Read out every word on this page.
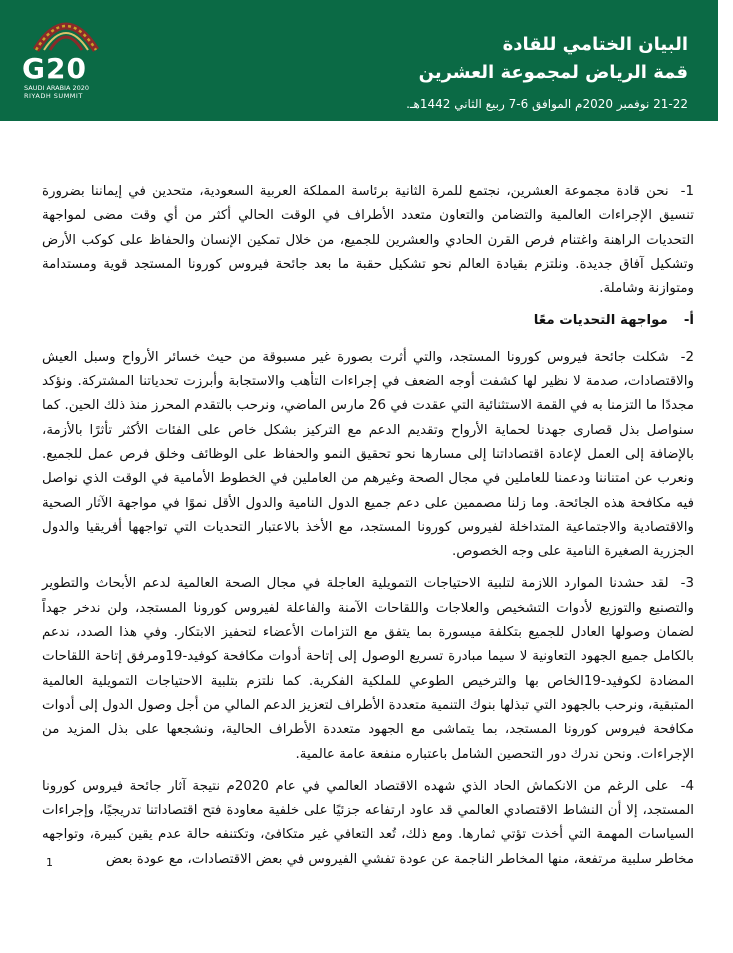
G20
SAUDI ARABIA 2020
RIYADH SUMMIT
البيان الختامي للقادة
قمة الرياض لمجموعة العشرين
21-22 نوفمبر 2020م الموافق 6-7 ربيع الثاني 1442هـ.

1-نحن قادة مجموعة العشرين، نجتمع للمرة الثانية برئاسة المملكة العربية السعودية، متحدين في إيماننا بضرورة تنسيق الإجراءات العالمية والتضامن والتعاون متعدد الأطراف في الوقت الحالي أكثر من أي وقت مضى لمواجهة التحديات الراهنة واغتنام فرص القرن الحادي والعشرين للجميع، من خلال تمكين الإنسان والحفاظ على كوكب الأرض وتشكيل آفاق جديدة. ونلتزم بقيادة العالم نحو تشكيل حقبة ما بعد جائحة فيروس كورونا المستجد قوية ومستدامة ومتوازنة وشاملة.

أ-مواجهة التحديات معًا

2-شكلت جائحة فيروس كورونا المستجد، والتي أثرت بصورة غير مسبوقة من حيث خسائر الأرواح وسبل العيش والاقتصادات، صدمة لا نظير لها كشفت أوجه الضعف في إجراءات التأهب والاستجابة وأبرزت تحدياتنا المشتركة. ونؤكد مجددًا ما التزمنا به في القمة الاستثنائية التي عقدت في 26 مارس الماضي، ونرحب بالتقدم المحرز منذ ذلك الحين. كما سنواصل بذل قصارى جهدنا لحماية الأرواح وتقديم الدعم مع التركيز بشكل خاص على الفئات الأكثر تأثرًا بالأزمة، بالإضافة إلى العمل لإعادة اقتصاداتنا إلى مسارها نحو تحقيق النمو والحفاظ على الوظائف وخلق فرص عمل للجميع. ونعرب عن امتناننا ودعمنا للعاملين في مجال الصحة وغيرهم من العاملين في الخطوط الأمامية في الوقت الذي نواصل فيه مكافحة هذه الجائحة. وما زلنا مصممين على دعم جميع الدول النامية والدول الأقل نموًا في مواجهة الآثار الصحية والاقتصادية والاجتماعية المتداخلة لفيروس كورونا المستجد، مع الأخذ بالاعتبار التحديات التي تواجهها أفريقيا والدول الجزرية الصغيرة النامية على وجه الخصوص.

3-لقد حشدنا الموارد اللازمة لتلبية الاحتياجات التمويلية العاجلة في مجال الصحة العالمية لدعم الأبحاث والتطوير والتصنيع والتوزيع لأدوات التشخيص والعلاجات واللقاحات الآمنة والفاعلة لفيروس كورونا المستجد، ولن ندخر جهداً لضمان وصولها العادل للجميع بتكلفة ميسورة بما يتفق مع التزامات الأعضاء لتحفيز الابتكار. وفي هذا الصدد، ندعم بالكامل جميع الجهود التعاونية لا سيما مبادرة تسريع الوصول إلى إتاحة أدوات مكافحة كوفيد-19ومرفق إتاحة اللقاحات المضادة لكوفيد-19الخاص بها والترخيص الطوعي للملكية الفكرية. كما نلتزم بتلبية الاحتياجات التمويلية العالمية المتبقية، ونرحب بالجهود التي تبذلها بنوك التنمية متعددة الأطراف لتعزيز الدعم المالي من أجل وصول الدول إلى أدوات مكافحة فيروس كورونا المستجد، بما يتماشى مع الجهود متعددة الأطراف الحالية، ونشجعها على بذل المزيد من الإجراءات. ونحن ندرك دور التحصين الشامل باعتباره منفعة عامة عالمية.

4-على الرغم من الانكماش الحاد الذي شهده الاقتصاد العالمي في عام 2020م نتيجة آثار جائحة فيروس كورونا المستجد، إلا أن النشاط الاقتصادي العالمي قد عاود ارتفاعه جزئيًا على خلفية معاودة فتح اقتصاداتنا تدريجيًا، وإجراءات السياسات المهمة التي أخذت تؤتي ثمارها. ومع ذلك، تُعد التعافي غير متكافئ، وتكتنفه حالة عدم يقين كبيرة، وتواجهه مخاطر سلبية مرتفعة، منها المخاطر الناجمة عن عودة تفشي الفيروس في بعض الاقتصادات، مع عودة بعض

1
